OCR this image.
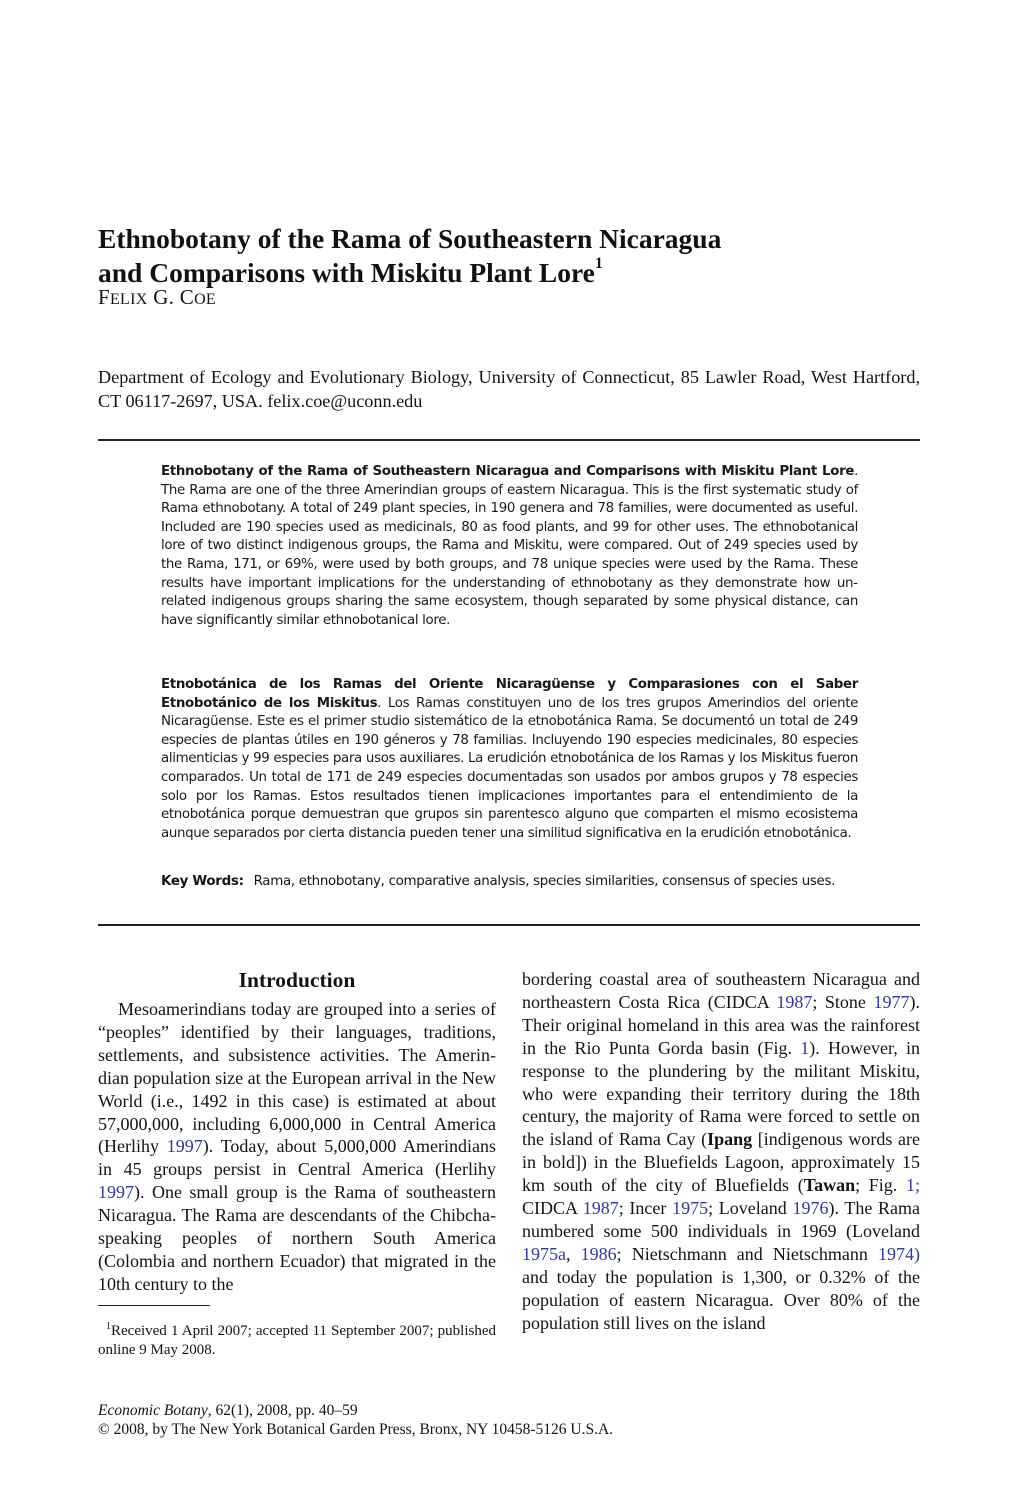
Ethnobotany of the Rama of Southeastern Nicaragua
and Comparisons with Miskitu Plant Lore$^1$
FELIX G. COE
Department of Ecology and Evolutionary Biology, University of Connecticut, 85 Lawler Road, West Hartford, CT 06117-2697, USA. felix.coe@uconn.edu

Ethnobotany of the Rama of Southeastern Nicaragua and Comparisons with Miskitu Plant Lore. The Rama are one of the three Amerindian groups of eastern Nicaragua. This is the first systematic study of Rama ethnobotany. A total of 249 plant species, in 190 genera and 78 families, were documented as useful. Included are 190 species used as medicinals, 80 as food plants, and 99 for other uses. The ethnobotanical lore of two distinct indigenous groups, the Rama and Miskitu, were compared. Out of 249 species used by the Rama, 171, or 69%, were used by both groups, and 78 unique species were used by the Rama. These results have important implications for the understanding of ethnobotany as they demonstrate how unrelated indigenous groups sharing the same ecosystem, though separated by some physical distance, can have significantly similar ethnobotanical lore.

Etnobotánica de los Ramas del Oriente Nicaragüense y Comparasiones con el Saber Etnobotánico de los Miskitus. Los Ramas constituyen uno de los tres grupos Amerindios del oriente Nicaragüense. Este es el primer studio sistemático de la etnobotánica Rama. Se documentó un total de 249 especies de plantas útiles en 190 géneros y 78 familias. Incluyendo 190 especies medicinales, 80 especies alimenticias y 99 especies para usos auxiliares. La erudición etnobotánica de los Ramas y los Miskitus fueron comparados. Un total de 171 de 249 especies documentadas son usados por ambos grupos y 78 especies solo por los Ramas. Estos resultados tienen implicaciones importantes para el entendimiento de la etnobotánica porque demuestran que grupos sin parentesco alguno que comparten el mismo ecosistema aunque separados por cierta distancia pueden tener una similitud significativa en la erudición etnobotánica.

Key Words: Rama, ethnobotany, comparative analysis, species similarities, consensus of species uses.

Introduction

Mesoamerindians today are grouped into a series of “peoples” identified by their languages, traditions, settlements, and subsistence activities. The Amerindian population size at the European arrival in the New World (i.e., 1492 in this case) is estimated at about 57,000,000, including 6,000,000 in Central America (Herlihy 1997). Today, about 5,000,000 Amerindians in 45 groups persist in Central America (Herlihy 1997). One small group is the Rama of southeastern Nicaragua. The Rama are descendants of the Chibcha-speaking peoples of northern South America (Colombia and northern Ecuador) that migrated in the 10th century to the

bordering coastal area of southeastern Nicaragua and northeastern Costa Rica (CIDCA 1987; Stone 1977). Their original homeland in this area was the rainforest in the Rio Punta Gorda basin (Fig. 1). However, in response to the plundering by the militant Miskitu, who were expanding their territory during the 18th century, the majority of Rama were forced to settle on the island of Rama Cay (Ipang [indigenous words are in bold]) in the Bluefields Lagoon, approximately 15 km south of the city of Bluefields (Tawan; Fig. 1; CIDCA 1987; Incer 1975; Loveland 1976). The Rama numbered some 500 individuals in 1969 (Loveland 1975a, 1986; Nietschmann and Nietschmann 1974) and today the population is 1,300, or 0.32% of the population of eastern Nicaragua. Over 80% of the population still lives on the island

$^1$Received 1 April 2007; accepted 11 September 2007; published online 9 May 2008.

Economic Botany, 62(1), 2008, pp. 40–59
© 2008, by The New York Botanical Garden Press, Bronx, NY 10458-5126 U.S.A.
